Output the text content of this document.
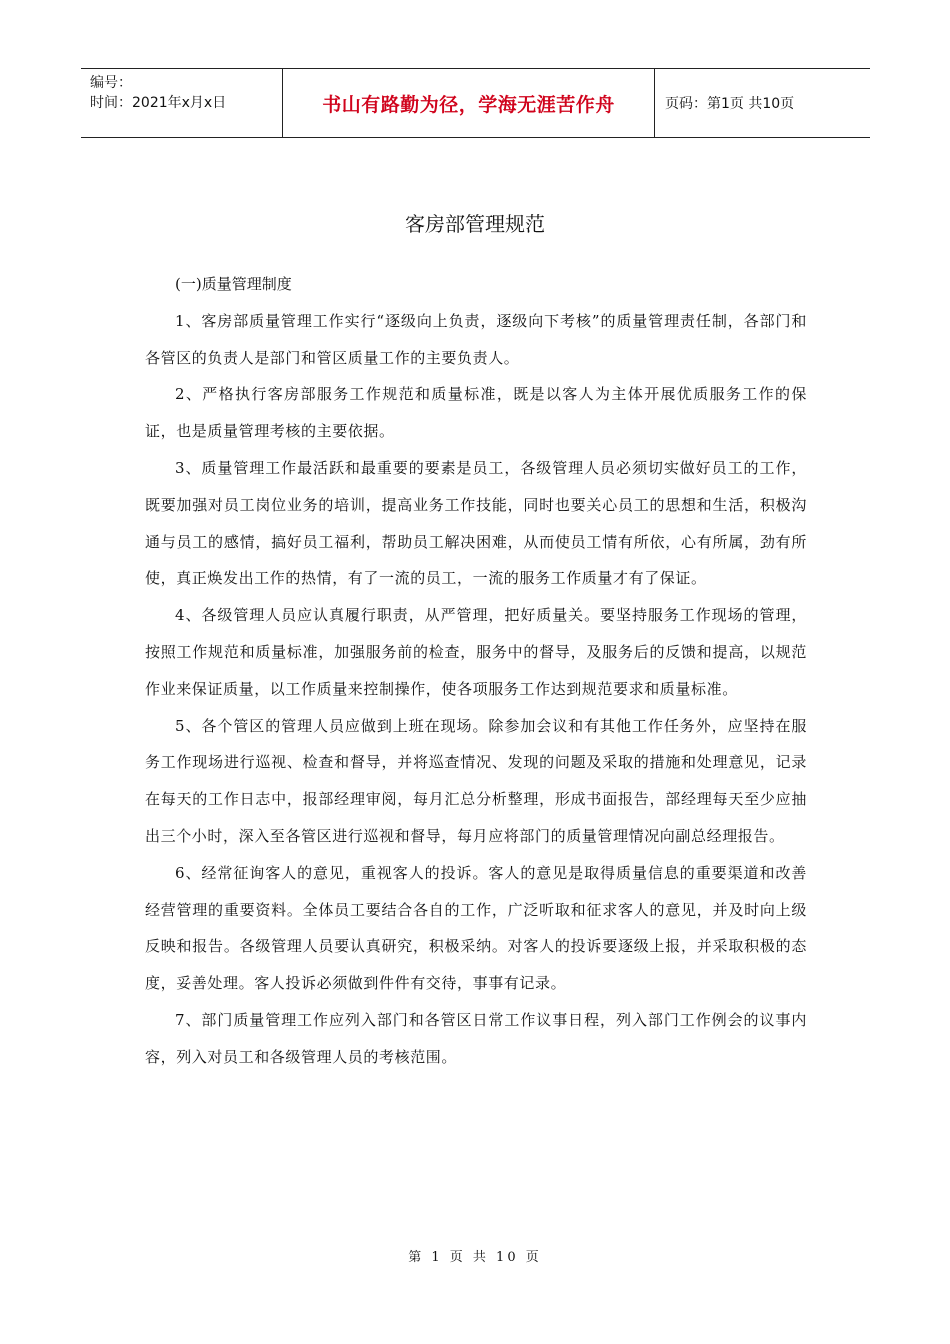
编号：
时间：2021年x月x日	书山有路勤为径，学海无涯苦作舟	页码：第1页 共10页
客房部管理规范

(一)质量管理制度

1、客房部质量管理工作实行“逐级向上负责，逐级向下考核”的质量管理责任制，各部门和各管区的负责人是部门和管区质量工作的主要负责人。

2、严格执行客房部服务工作规范和质量标准，既是以客人为主体开展优质服务工作的保证，也是质量管理考核的主要依据。

3、质量管理工作最活跃和最重要的要素是员工，各级管理人员必须切实做好员工的工作，既要加强对员工岗位业务的培训，提高业务工作技能，同时也要关心员工的思想和生活，积极沟通与员工的感情，搞好员工福利，帮助员工解决困难，从而使员工情有所依，心有所属，劲有所使，真正焕发出工作的热情，有了一流的员工，一流的服务工作质量才有了保证。

4、各级管理人员应认真履行职责，从严管理，把好质量关。要坚持服务工作现场的管理，按照工作规范和质量标准，加强服务前的检查，服务中的督导，及服务后的反馈和提高，以规范作业来保证质量，以工作质量来控制操作，使各项服务工作达到规范要求和质量标准。

5、各个管区的管理人员应做到上班在现场。除参加会议和有其他工作任务外，应坚持在服务工作现场进行巡视、检查和督导，并将巡查情况、发现的问题及采取的措施和处理意见，记录在每天的工作日志中，报部经理审阅，每月汇总分析整理，形成书面报告，部经理每天至少应抽出三个小时，深入至各管区进行巡视和督导，每月应将部门的质量管理情况向副总经理报告。

6、经常征询客人的意见，重视客人的投诉。客人的意见是取得质量信息的重要渠道和改善经营管理的重要资料。全体员工要结合各自的工作，广泛听取和征求客人的意见，并及时向上级反映和报告。各级管理人员要认真研究，积极采纳。对客人的投诉要逐级上报，并采取积极的态度，妥善处理。客人投诉必须做到件件有交待，事事有记录。

7、部门质量管理工作应列入部门和各管区日常工作议事日程，列入部门工作例会的议事内容，列入对员工和各级管理人员的考核范围。

第 1 页 共 10 页
